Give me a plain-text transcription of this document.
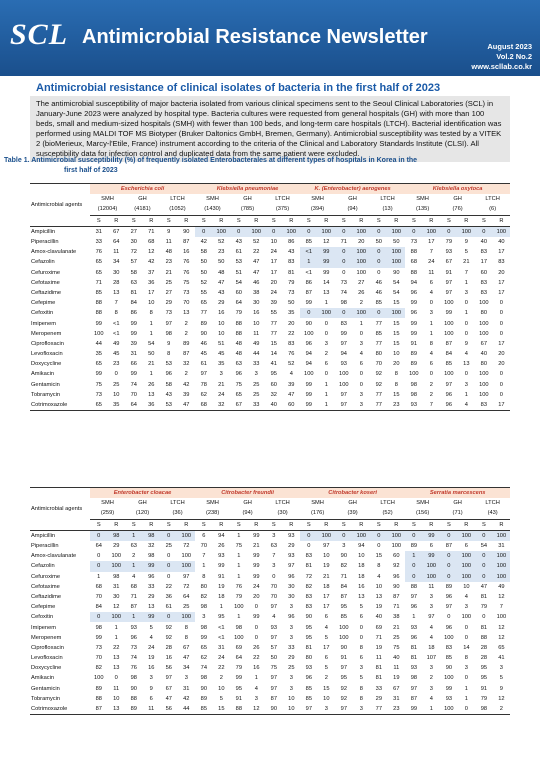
SCL Antimicrobial Resistance Newsletter	August 2023
Vol.2 No.2
www.scllab.co.kr
Antimicrobial resistance of clinical isolates of bacteria in the first half of 2023
The antimicrobial susceptibility of major bacteria isolated from various clinical specimens sent to the Seoul Clinical Laboratories (SCL) in January-June 2023 were analyzed by hospital type. Bacteria cultures were requested from general hospitals (GH) with more than 100 beds, small and medium-sized hospitals (SMH) with fewer than 100 beds, and long-term care hospitals (LTCH). Bacterial identification was performed using MALDI TOF MS Biotyper (Bruker Daltonics GmbH, Bremen, Germany). Antimicrobial susceptibility was tested by a VITEK 2 (bioMerieux, Marcy-l'Etile, France) instrument according to the criteria of the Clinical and Laboratory Standards Institute (CLSI). All susceptibility data for infection control and duplicated data from the same patient were excluded.
Table 1. Antimicrobial susceptibility (%) of frequently isolated Enterobacterales at different types of hospitals in Korea in the
first half of 2023
	Escherichia coli						Klebsiella pneumoniae						K. (Enterobacter) aerogenes						Klebsiella oxytoca					
Antimicrobial agents	SMH		GH		LTCH		SMH		GH		LTCH		SMH		GH		LTCH		SMH		GH		LTCH	
	(12004)		(4181)		(1052)		(1430)		(785)		(375)		(394)		(94)		(13)		(135)		(76)		(6)	
	S	R	S	R	S	R	S	R	S	R	S	R	S	R	S	R	S	R	S	R	S	R	S	R
Ampicillin	31	67	27	71	9	90	0	100	0	100	0	100	0	100	0	100	0	100	0	100	0	100	0	100
Piperacillin	33	64	30	68	11	87	42	52	43	52	10	86	85	12	71	20	50	50	73	17	79	9	40	40
Amox-clavulanate	76	11	72	12	48	16	58	23	61	22	24	43	<1	99	0	100	0	100	88	7	93	5	83	17
Cefazolin	65	34	57	42	23	76	50	50	53	47	17	83	1	99	0	100	0	100	68	24	67	21	17	83
Cefuroxime	65	30	58	37	21	76	50	48	51	47	17	81	<1	99	0	100	0	90	88	11	91	7	60	20
Cefotaxime	71	28	63	36	25	75	52	47	54	46	20	79	86	14	73	27	46	54	94	6	97	1	83	17
Ceftazidime	85	13	81	17	27	73	55	43	60	38	24	73	87	13	74	26	46	54	96	4	97	3	83	17
Cefepime	88	7	84	10	29	70	65	29	64	30	39	50	99	1	98	2	85	15	99	0	100	0	100	0
Cefoxitin	88	8	86	8	73	13	77	16	79	16	55	35	0	100	0	100	0	100	96	3	99	1	80	0
Imipenem	99	<1	99	1	97	2	89	10	88	10	77	20	90	0	83	1	77	15	99	1	100	0	100	0
Meropenem	100	<1	99	1	98	2	90	10	88	11	77	22	100	0	99	0	85	15	99	1	100	0	100	0
Ciprofloxacin	44	49	39	54	9	89	46	51	48	49	15	83	96	3	97	3	77	15	91	8	87	9	67	17
Levofloxacin	35	45	31	50	8	87	45	45	48	44	14	76	94	2	94	4	80	10	89	4	84	4	40	20
Doxycycline	65	23	66	21	53	32	61	35	63	33	41	52	94	6	93	6	70	20	89	6	85	13	80	20
Amikacin	99	0	99	1	96	2	97	3	96	3	95	4	100	0	100	0	92	8	100	0	100	0	100	0
Gentamicin	75	25	74	26	58	42	78	21	75	25	60	39	99	1	100	0	92	8	98	2	97	3	100	0
Tobramycin	73	10	70	13	43	39	62	24	65	25	32	47	99	1	97	3	77	15	98	2	96	1	100	0
Cotrimoxazole	65	35	64	36	53	47	68	32	67	33	40	60	99	1	97	3	77	23	93	7	96	4	83	17
	Enterobacter cloacae						Citrobacter freundii						Citrobacter koseri						Serratia marcescens					
Antimicrobial agents	SMH		GH		LTCH		SMH		GH		LTCH		SMH		GH		LTCH		SMH		GH		LTCH	
	(259)		(120)		(36)		(238)		(94)		(30)		(176)		(39)		(52)		(156)		(71)		(43)	
	S	R	S	R	S	R	S	R	S	R	S	R	S	R	S	R	S	R	S	R	S	R	S	R
Ampicillin	0	98	1	98	0	100	6	94	1	99	3	93	0	100	0	100	0	100	0	99	0	100	0	100
Piperacillin	64	29	63	32	25	72	70	26	75	21	63	29	0	97	3	94	0	100	89	6	87	6	54	31
Amox-clavulanate	0	100	2	98	0	100	7	93	1	99	7	93	83	10	90	10	15	60	1	99	0	100	0	100
Cefazolin	0	100	1	99	0	100	1	99	1	99	3	97	81	19	82	18	8	92	0	100	0	100	0	100
Cefuroxime	1	98	4	96	0	97	8	91	1	99	0	96	72	21	71	18	4	96	0	100	0	100	0	100
Cefotaxime	68	31	68	33	22	72	80	19	76	24	70	30	82	18	84	16	10	90	88	11	89	10	47	49
Ceftazidime	70	30	71	29	36	64	82	18	79	20	70	30	83	17	87	13	13	87	97	3	96	4	81	12
Cefepime	84	12	87	13	61	25	98	1	100	0	97	3	83	17	95	5	19	71	96	3	97	3	79	7
Cefoxitin	0	100	1	99	0	100	3	95	1	99	4	96	90	6	85	6	40	38	1	97	0	100	0	100
Imipenem	98	1	93	5	92	8	98	<1	98	0	93	3	95	4	100	0	69	21	93	4	96	0	81	12
Meropenem	99	1	96	4	92	8	99	<1	100	0	97	3	95	5	100	0	71	25	96	4	100	0	88	12
Ciprofloxacin	73	22	73	24	28	67	65	31	69	26	57	33	81	17	90	8	19	75	81	18	83	14	28	65
Levofloxacin	70	13	74	19	16	47	62	24	64	22	50	29	80	6	91	6	11	40	81	107	85	8	28	41
Doxycycline	82	13	76	16	56	34	74	22	79	16	75	25	93	5	97	3	81	11	93	3	90	3	95	3
Amikacin	100	0	98	3	97	3	98	2	99	1	97	3	96	2	95	5	81	19	98	2	100	0	95	5
Gentamicin	89	11	90	9	67	31	90	10	95	4	97	3	85	15	92	8	33	67	97	3	99	1	91	9
Tobramycin	88	10	88	6	47	42	89	5	91	3	87	10	85	10	92	8	29	31	87	4	93	1	79	12
Cotrimoxazole	87	13	89	11	56	44	85	15	88	12	90	10	97	3	97	3	77	23	99	1	100	0	98	2
